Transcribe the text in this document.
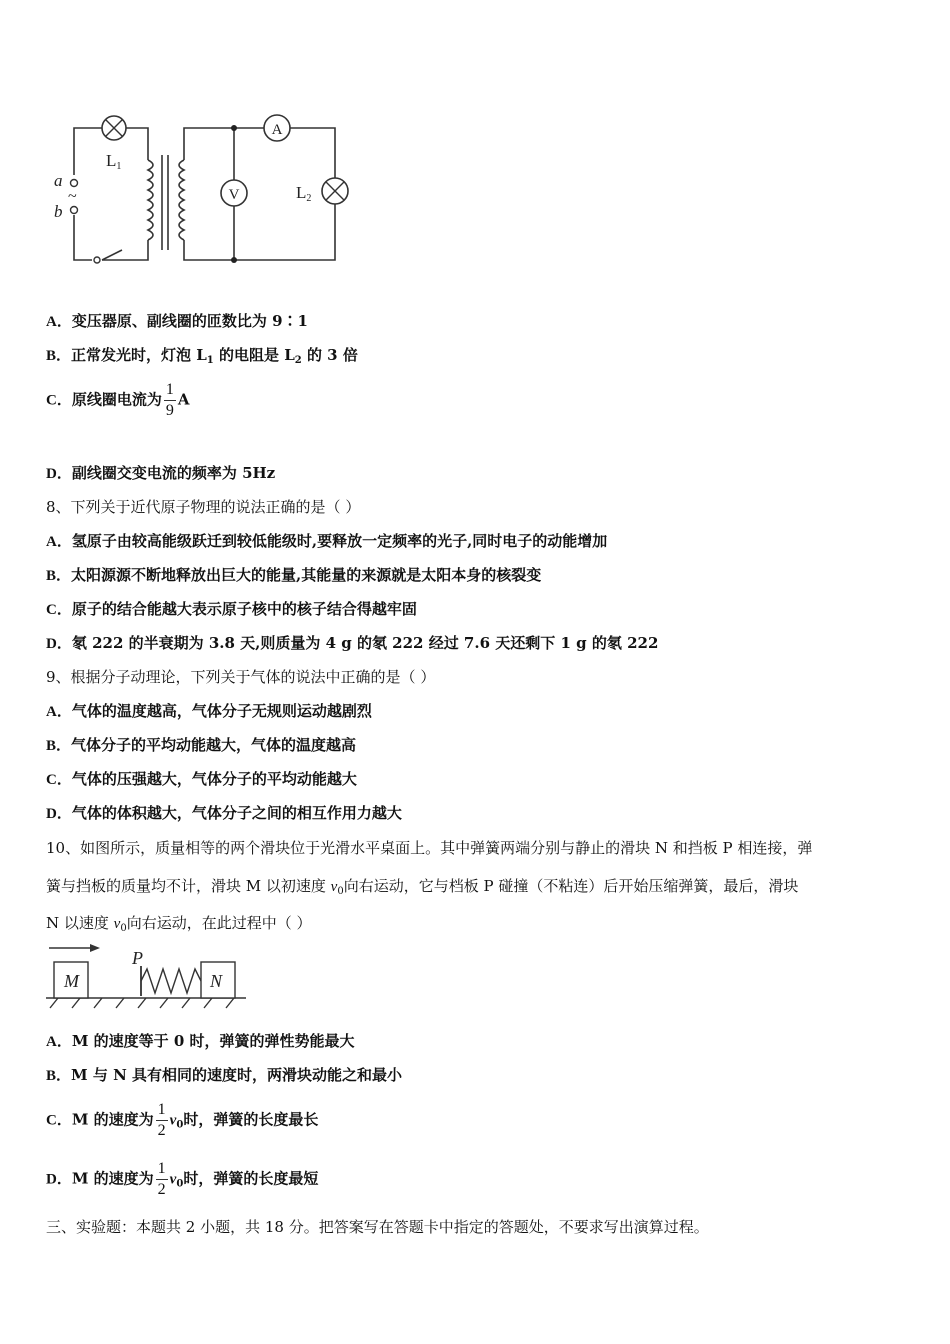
A
V
a
~
b
L1
L2
A．变压器原、副线圈的匝数比为 9∶1
B．正常发光时，灯泡 $L_1$ 的电阻是 $L_2$ 的 3 倍
C．原线圈电流为 $\frac{1}{9}$ A
D．副线圈交变电流的频率为 5Hz
8、下列关于近代原子物理的说法正确的是（ ）
A．氢原子由较高能级跃迁到较低能级时,要释放一定频率的光子,同时电子的动能增加
B．太阳源源不断地释放出巨大的能量,其能量的来源就是太阳本身的核裂变
C．原子的结合能越大表示原子核中的核子结合得越牢固
D．氡 222 的半衰期为 3.8 天,则质量为 4 g 的氡 222 经过 7.6 天还剩下 1 g 的氡 222
9、根据分子动理论，下列关于气体的说法中正确的是（ ）
A．气体的温度越高，气体分子无规则运动越剧烈
B．气体分子的平均动能越大，气体的温度越高
C．气体的压强越大，气体分子的平均动能越大
D．气体的体积越大，气体分子之间的相互作用力越大
10、如图所示，质量相等的两个滑块位于光滑水平桌面上。其中弹簧两端分别与静止的滑块 N 和挡板 P 相连接，弹
簧与挡板的质量均不计，滑块 M 以初速度 $v_0$向右运动，它与档板 P 碰撞（不粘连）后开始压缩弹簧，最后，滑块
N 以速度 $v_0$向右运动，在此过程中（ ）
M	N
P
A．M 的速度等于 0 时，弹簧的弹性势能最大
B．M 与 N 具有相同的速度时，两滑块动能之和最小
C．M 的速度为 $\frac{1}{2} v_0$时，弹簧的长度最长
D．M 的速度为 $\frac{1}{2} v_0$时，弹簧的长度最短
三、实验题：本题共 2 小题，共 18 分。把答案写在答题卡中指定的答题处，不要求写出演算过程。
